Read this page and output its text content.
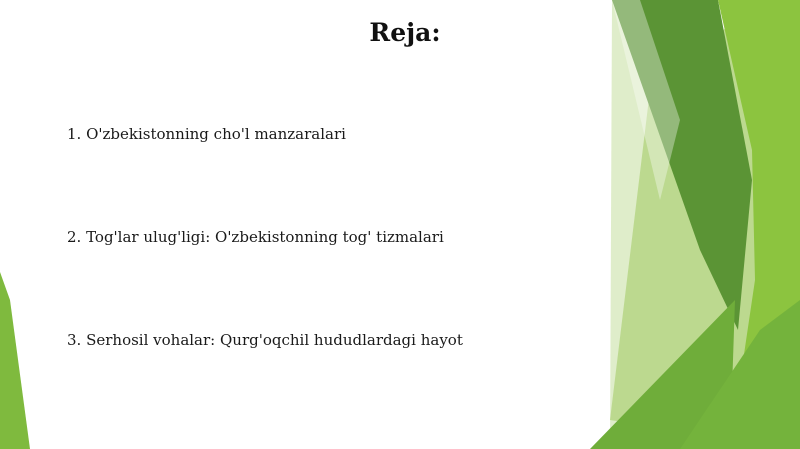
Reja:
1. O'zbekistonning cho'l manzaralari
2. Tog'lar ulug'ligi: O'zbekistonning tog' tizmalari
3. Serhosil vohalar: Qurg'oqchil hududlardagi hayot
